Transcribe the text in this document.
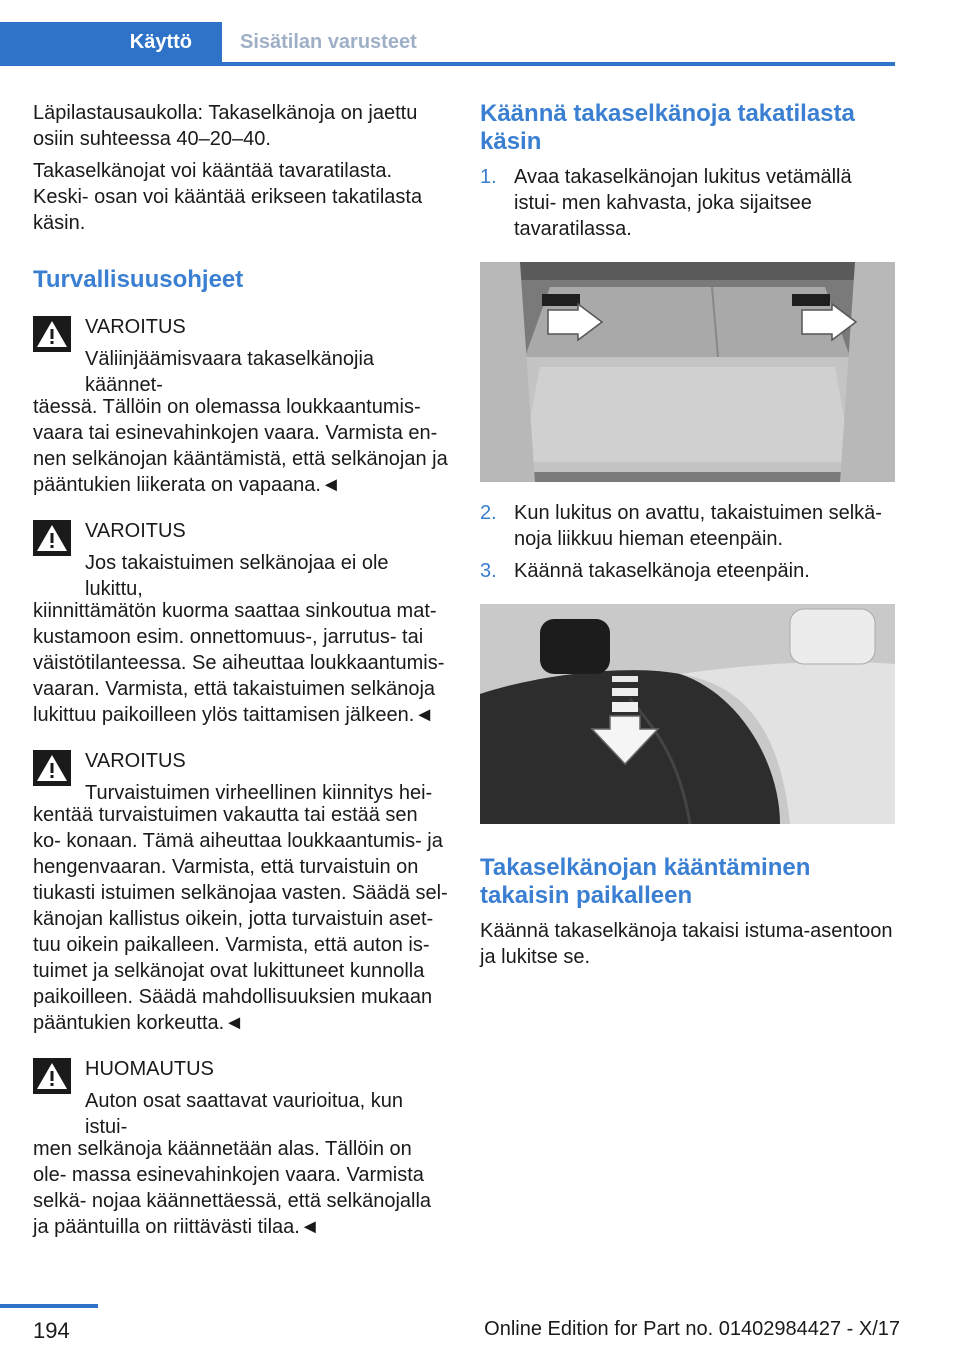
Käyttö	Sisätilan varusteet

Läpilastausaukolla: Takaselkänoja on jaettu osiin suhteessa 40–20–40.

Takaselkänojat voi kääntää tavaratilasta. Keski‐ osan voi kääntää erikseen takatilasta käsin.

Turvallisuusohjeet
VAROITUS
Väliinjäämisvaara takaselkänojia käännet‐

täessä. Tällöin on olemassa loukkaantumis‐ vaara tai esinevahinkojen vaara. Varmista en‐ nen selkänojan kääntämistä, että selkänojan ja pääntukien liikerata on vapaana.◄

VAROITUS
Jos takaistuimen selkänojaa ei ole lukittu,

kiinnittämätön kuorma saattaa sinkoutua mat‐ kustamoon esim. onnettomuus-, jarrutus- tai väistötilanteessa. Se aiheuttaa loukkaantumis‐ vaaran. Varmista, että takaistuimen selkänoja lukittuu paikoilleen ylös taittamisen jälkeen.◄

VAROITUS
Turvaistuimen virheellinen kiinnitys hei‐

kentää turvaistuimen vakautta tai estää sen ko‐ konaan. Tämä aiheuttaa loukkaantumis- ja hengenvaaran. Varmista, että turvaistuin on tiukasti istuimen selkänojaa vasten. Säädä sel‐ känojan kallistus oikein, jotta turvaistuin aset‐ tuu oikein paikalleen. Varmista, että auton is‐ tuimet ja selkänojat ovat lukittuneet kunnolla paikoilleen. Säädä mahdollisuuksien mukaan pääntukien korkeutta.◄

HUOMAUTUS
Auton osat saattavat vaurioitua, kun istui‐

men selkänoja käännetään alas. Tällöin on ole‐ massa esinevahinkojen vaara. Varmista selkä‐ nojaa käännettäessä, että selkänojalla ja pääntuilla on riittävästi tilaa.◄

Käännä takaselkänoja takatilasta käsin
1. Avaa takaselkänojan lukitus vetämällä istui‐ men kahvasta, joka sijaitsee tavaratilassa.
2. Kun lukitus on avattu, takaistuimen selkä‐ noja liikkuu hieman eteenpäin.
3. Käännä takaselkänoja eteenpäin.
Takaselkänojan kääntäminen takaisin paikalleen

Käännä takaselkänoja takaisi istuma-asentoon ja lukitse se.

194	Online Edition for Part no. 01402984427 - X/17
